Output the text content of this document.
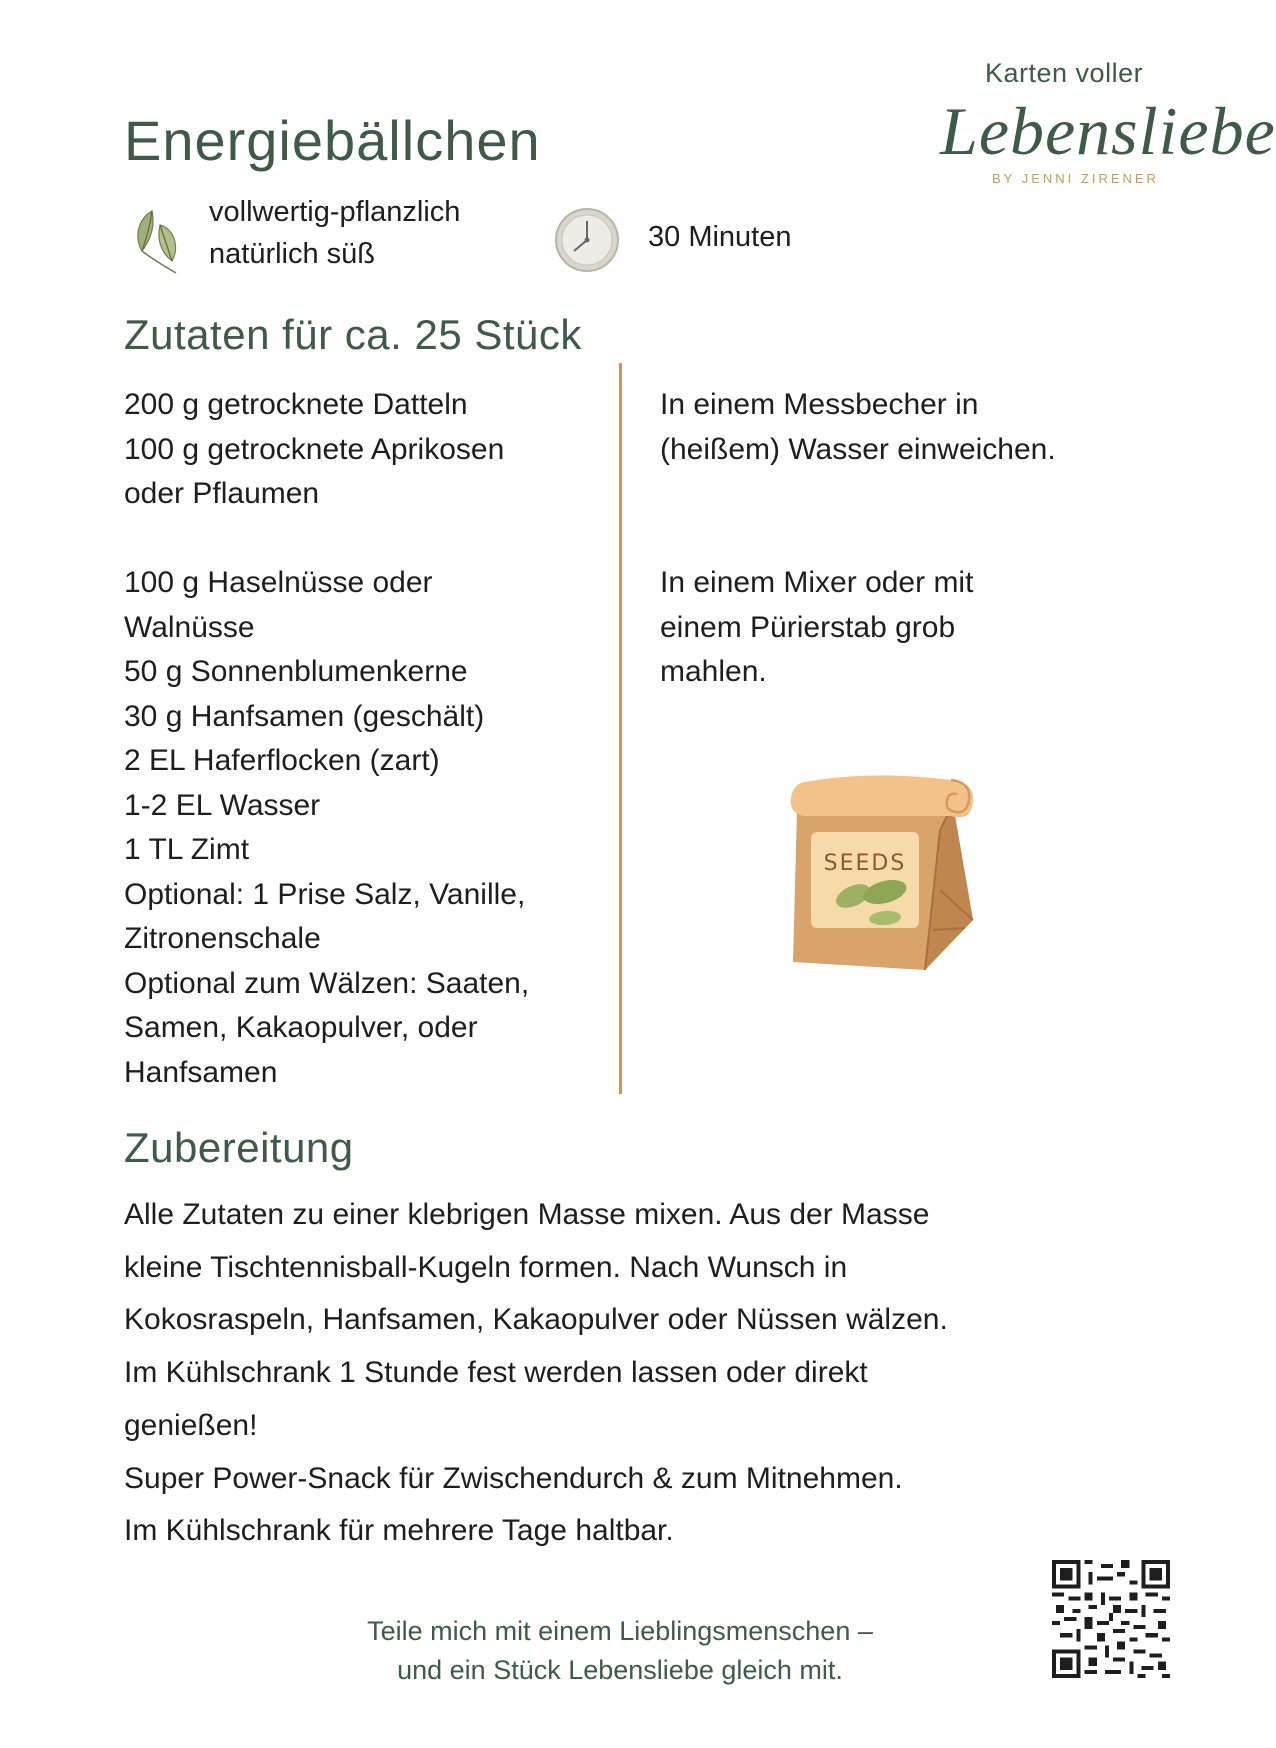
Karten voller
Lebensliebe
BY JENNI ZIRENER
Energiebällchen
vollwertig-pflanzlich
natürlich süß
30 Minuten
Zutaten für ca. 25 Stück
200 g getrocknete Datteln
100 g getrocknete Aprikosen
oder Pflaumen
100 g Haselnüsse oder
Walnüsse
50 g Sonnenblumenkerne
30 g Hanfsamen (geschält)
2 EL Haferflocken (zart)
1-2 EL Wasser
1 TL Zimt
Optional: 1 Prise Salz, Vanille,
Zitronenschale
Optional zum Wälzen: Saaten,
Samen, Kakaopulver, oder
Hanfsamen
In einem Messbecher in
(heißem) Wasser einweichen.
In einem Mixer oder mit
einem Pürierstab grob
mahlen.
SEEDS
Zubereitung
Alle Zutaten zu einer klebrigen Masse mixen. Aus der Masse
kleine Tischtennisball-Kugeln formen. Nach Wunsch in
Kokosraspeln, Hanfsamen, Kakaopulver oder Nüssen wälzen.
Im Kühlschrank 1 Stunde fest werden lassen oder direkt
genießen!
Super Power-Snack für Zwischendurch & zum Mitnehmen.
Im Kühlschrank für mehrere Tage haltbar.
Teile mich mit einem Lieblingsmenschen –
und ein Stück Lebensliebe gleich mit.
